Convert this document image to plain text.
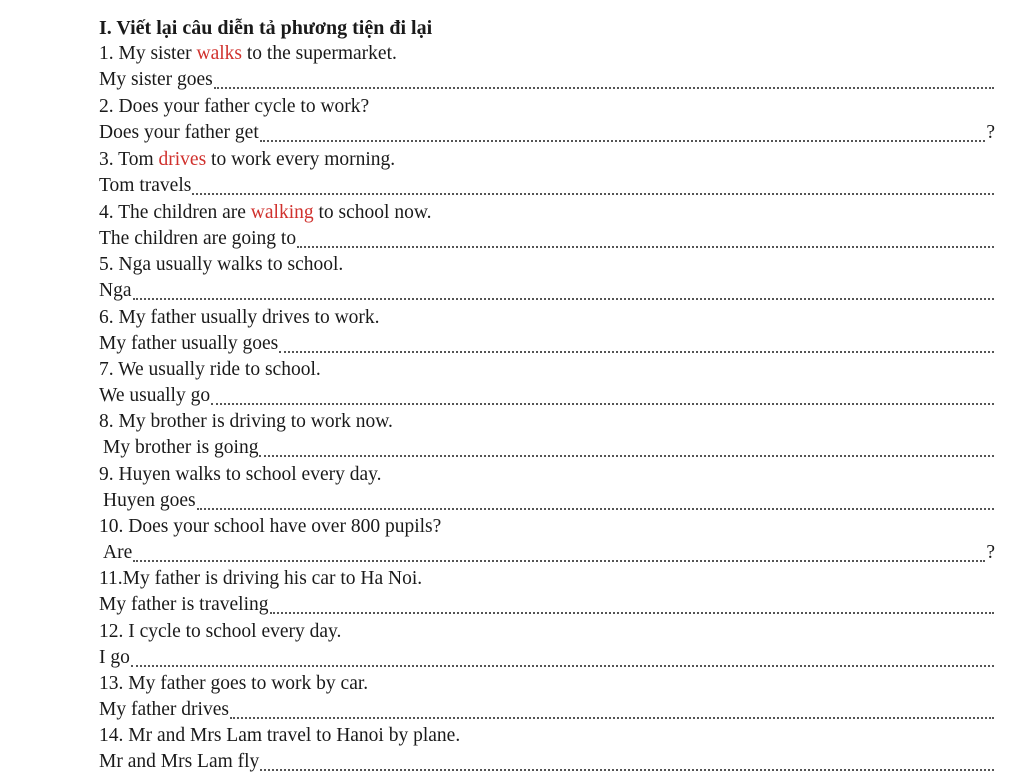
I. Viết lại câu diễn tả phương tiện đi lại
1. My sister walks to the supermarket.
My sister goes
2. Does your father cycle to work?
Does your father get	?
3. Tom drives to work every morning.
Tom travels
4. The children are walking to school now.
The children are going to
5. Nga usually walks to school.
Nga
6. My father usually drives to work.
My father usually goes
7. We usually ride to school.
We usually go
8. My brother is driving to work now.
My brother is going
9. Huyen walks to school every day.
Huyen goes
10. Does your school have over 800 pupils?
Are	?
11.My father is driving his car to Ha Noi.
My father is traveling
12. I cycle to school every day.
I go
13. My father goes to work by car.
My father drives
14. Mr and Mrs Lam travel to Hanoi by plane.
Mr and Mrs Lam fly
